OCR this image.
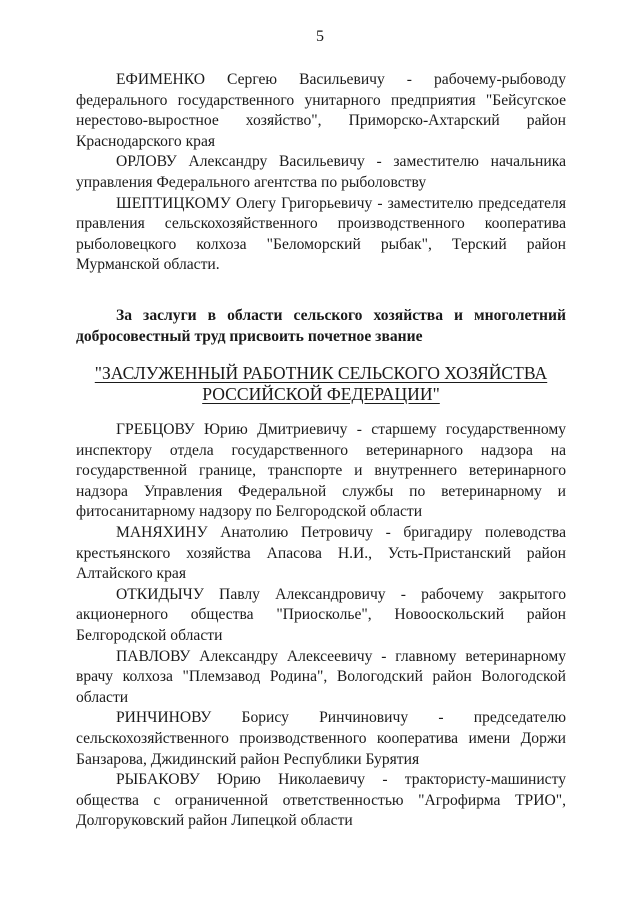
5

ЕФИМЕНКО Сергею Васильевичу - рабочему-рыбоводу федерального государственного унитарного предприятия "Бейсугское нерестово-выростное хозяйство", Приморско-Ахтарский район Краснодарского края

ОРЛОВУ Александру Васильевичу - заместителю начальника управления Федерального агентства по рыболовству

ШЕПТИЦКОМУ Олегу Григорьевичу - заместителю председателя правления сельскохозяйственного производственного кооператива рыболовецкого колхоза "Беломорский рыбак", Терский район Мурманской области.

За заслуги в области сельского хозяйства и многолетний добросовестный труд присвоить почетное звание

"ЗАСЛУЖЕННЫЙ РАБОТНИК СЕЛЬСКОГО ХОЗЯЙСТВА
РОССИЙСКОЙ ФЕДЕРАЦИИ"

ГРЕБЦОВУ Юрию Дмитриевичу - старшему государственному инспектору отдела государственного ветеринарного надзора на государственной границе, транспорте и внутреннего ветеринарного надзора Управления Федеральной службы по ветеринарному и фитосанитарному надзору по Белгородской области

МАНЯХИНУ Анатолию Петровичу - бригадиру полеводства крестьянского хозяйства Апасова Н.И., Усть-Пристанский район Алтайского края

ОТКИДЫЧУ Павлу Александровичу - рабочему закрытого акционерного общества "Приосколье", Новооскольский район Белгородской области

ПАВЛОВУ Александру Алексеевичу - главному ветеринарному врачу колхоза "Племзавод Родина", Вологодский район Вологодской области

РИНЧИНОВУ Борису Ринчиновичу - председателю сельскохозяйственного производственного кооператива имени Доржи Банзарова, Джидинский район Республики Бурятия

РЫБАКОВУ Юрию Николаевичу - трактористу-машинисту общества с ограниченной ответственностью "Агрофирма ТРИО", Долгоруковский район Липецкой области
